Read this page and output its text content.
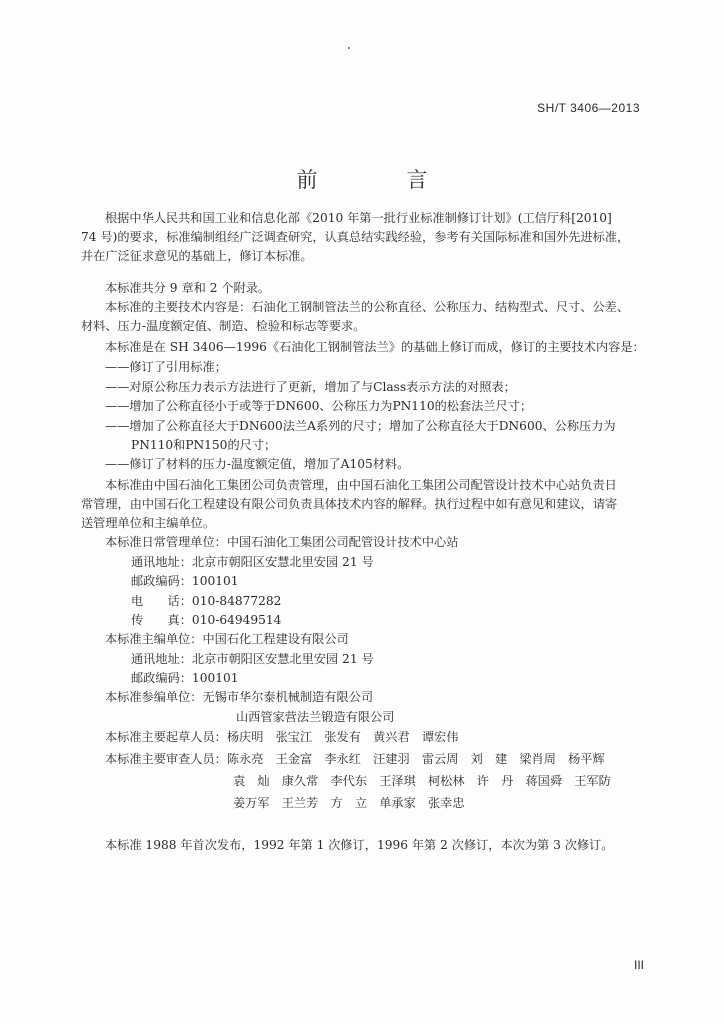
SH/T 3406—2013
前　言
根据中华人民共和国工业和信息化部《2010 年第一批行业标准制修订计划》(工信厅科[2010]
74 号)的要求，标准编制组经广泛调查研究，认真总结实践经验，参考有关国际标准和国外先进标准，
并在广泛征求意见的基础上，修订本标准。
本标准共分 9 章和 2 个附录。
本标准的主要技术内容是：石油化工钢制管法兰的公称直径、公称压力、结构型式、尺寸、公差、
材料、压力-温度额定值、制造、检验和标志等要求。
本标准是在 SH 3406—1996《石油化工钢制管法兰》的基础上修订而成，修订的主要技术内容是：
——修订了引用标准；
——对原公称压力表示方法进行了更新，增加了与Class表示方法的对照表；
——增加了公称直径小于或等于DN600、公称压力为PN110的松套法兰尺寸；
——增加了公称直径大于DN600法兰A系列的尺寸；增加了公称直径大于DN600、公称压力为
PN110和PN150的尺寸；
——修订了材料的压力-温度额定值，增加了A105材料。
本标准由中国石油化工集团公司负责管理，由中国石油化工集团公司配管设计技术中心站负责日
常管理，由中国石化工程建设有限公司负责具体技术内容的解释。执行过程中如有意见和建议，请寄
送管理单位和主编单位。
本标准日常管理单位：中国石油化工集团公司配管设计技术中心站
通讯地址：北京市朝阳区安慧北里安园 21 号
邮政编码：100101
电　　话：010-84877282
传　　真：010-64949514
本标准主编单位：中国石化工程建设有限公司
通讯地址：北京市朝阳区安慧北里安园 21 号
邮政编码：100101
本标准参编单位：无锡市华尔泰机械制造有限公司
山西管家营法兰锻造有限公司
本标准主要起草人员：杨庆明　张宝江　张发有　黄兴君　谭宏伟
本标准主要审查人员：陈永亮　王金富　李永红　汪建羽　雷云周　刘　建　梁肖周　杨平辉
袁　灿　康久常　李代东　王泽琪　柯松林　许　丹　蒋国舜　王军防
姜万军　王兰芳　方　立　单承家　张幸忠
本标准 1988 年首次发布，1992 年第 1 次修订，1996 年第 2 次修订，本次为第 3 次修订。
III
